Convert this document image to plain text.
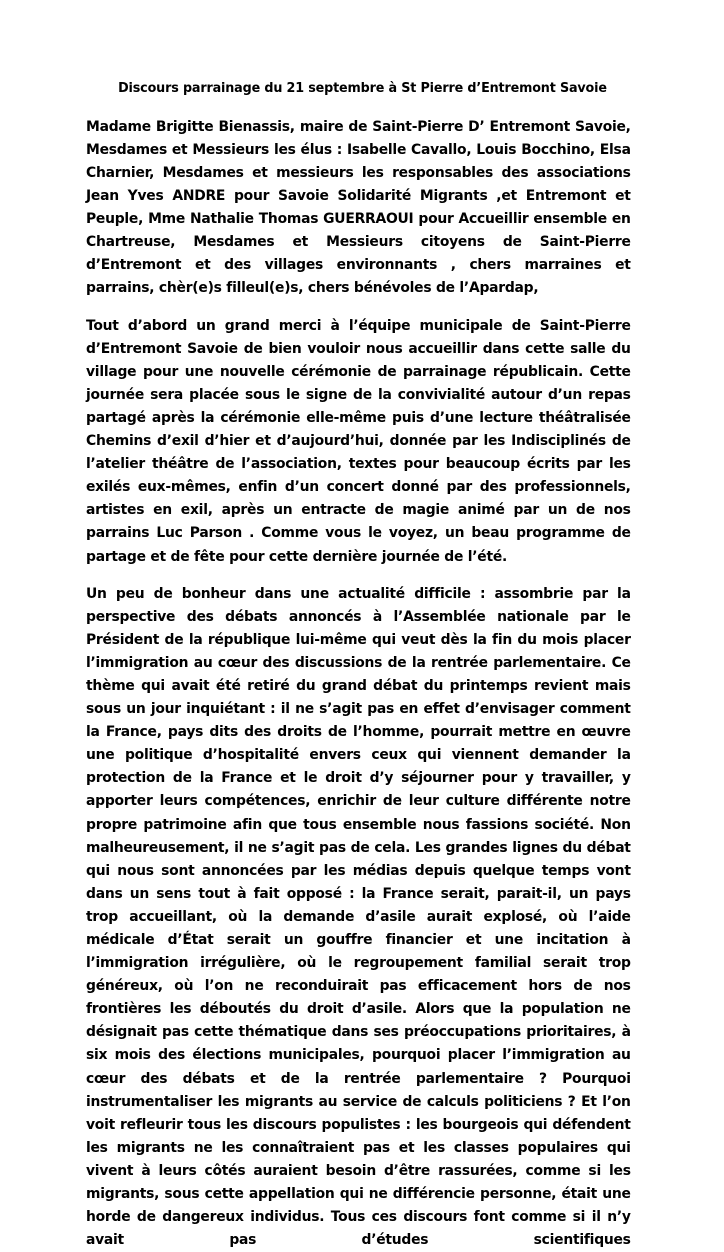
Discours parrainage du 21 septembre à St Pierre d’Entremont Savoie

Madame Brigitte Bienassis, maire de Saint-Pierre D’ Entremont Savoie, Mesdames et Messieurs les élus : Isabelle Cavallo, Louis Bocchino, Elsa Charnier, Mesdames et messieurs les responsables des associations Jean Yves ANDRE pour Savoie Solidarité Migrants ,et Entremont et Peuple, Mme Nathalie Thomas GUERRAOUI pour Accueillir ensemble en Chartreuse, Mesdames et Messieurs citoyens de Saint-Pierre d’Entremont et des villages environnants , chers marraines et parrains, chèr(e)s filleul(e)s, chers bénévoles de l’Apardap,

Tout d’abord un grand merci à l’équipe municipale de Saint-Pierre d’Entremont Savoie de bien vouloir nous accueillir dans cette salle du village pour une nouvelle cérémonie de parrainage républicain. Cette journée sera placée sous le signe de la convivialité autour d’un repas partagé après la cérémonie elle-même puis d’une lecture théâtralisée Chemins d’exil d’hier et d’aujourd’hui, donnée par les Indisciplinés de l’atelier théâtre de l’association, textes pour beaucoup écrits par les exilés eux-mêmes, enfin d’un concert donné par des professionnels, artistes en exil, après un entracte de magie animé par un de nos parrains Luc Parson . Comme vous le voyez, un beau programme de partage et de fête pour cette dernière journée de l’été.

Un peu de bonheur dans une actualité difficile : assombrie par la perspective des débats annoncés à l’Assemblée nationale par le Président de la république lui-même qui veut dès la fin du mois placer l’immigration au cœur des discussions de la rentrée parlementaire. Ce thème qui avait été retiré du grand débat du printemps revient mais sous un jour inquiétant : il ne s’agit pas en effet d’envisager comment la France, pays dits des droits de l’homme, pourrait mettre en œuvre une politique d’hospitalité envers ceux qui viennent demander la protection de la France et le droit d’y séjourner pour y travailler, y apporter leurs compétences, enrichir de leur culture différente notre propre patrimoine afin que tous ensemble nous fassions société. Non malheureusement, il ne s’agit pas de cela. Les grandes lignes du débat qui nous sont annoncées par les médias depuis quelque temps vont dans un sens tout à fait opposé : la France serait, parait-il, un pays trop accueillant, où la demande d’asile aurait explosé, où l’aide médicale d’État serait un gouffre financier et une incitation à l’immigration irrégulière, où le regroupement familial serait trop généreux, où l’on ne reconduirait pas efficacement hors de nos frontières les déboutés du droit d’asile. Alors que la population ne désignait pas cette thématique dans ses préoccupations prioritaires, à six mois des élections municipales, pourquoi placer l’immigration au cœur des débats et de la rentrée parlementaire ? Pourquoi instrumentaliser les migrants au service de calculs politiciens ? Et l’on voit refleurir tous les discours populistes : les bourgeois qui défendent les migrants ne les connaîtraient pas et les classes populaires qui vivent à leurs côtés auraient besoin d’être rassurées, comme si les migrants, sous cette appellation qui ne différencie personne, était une horde de dangereux individus. Tous ces discours font comme si il n’y avait pas d’études scientifiques
